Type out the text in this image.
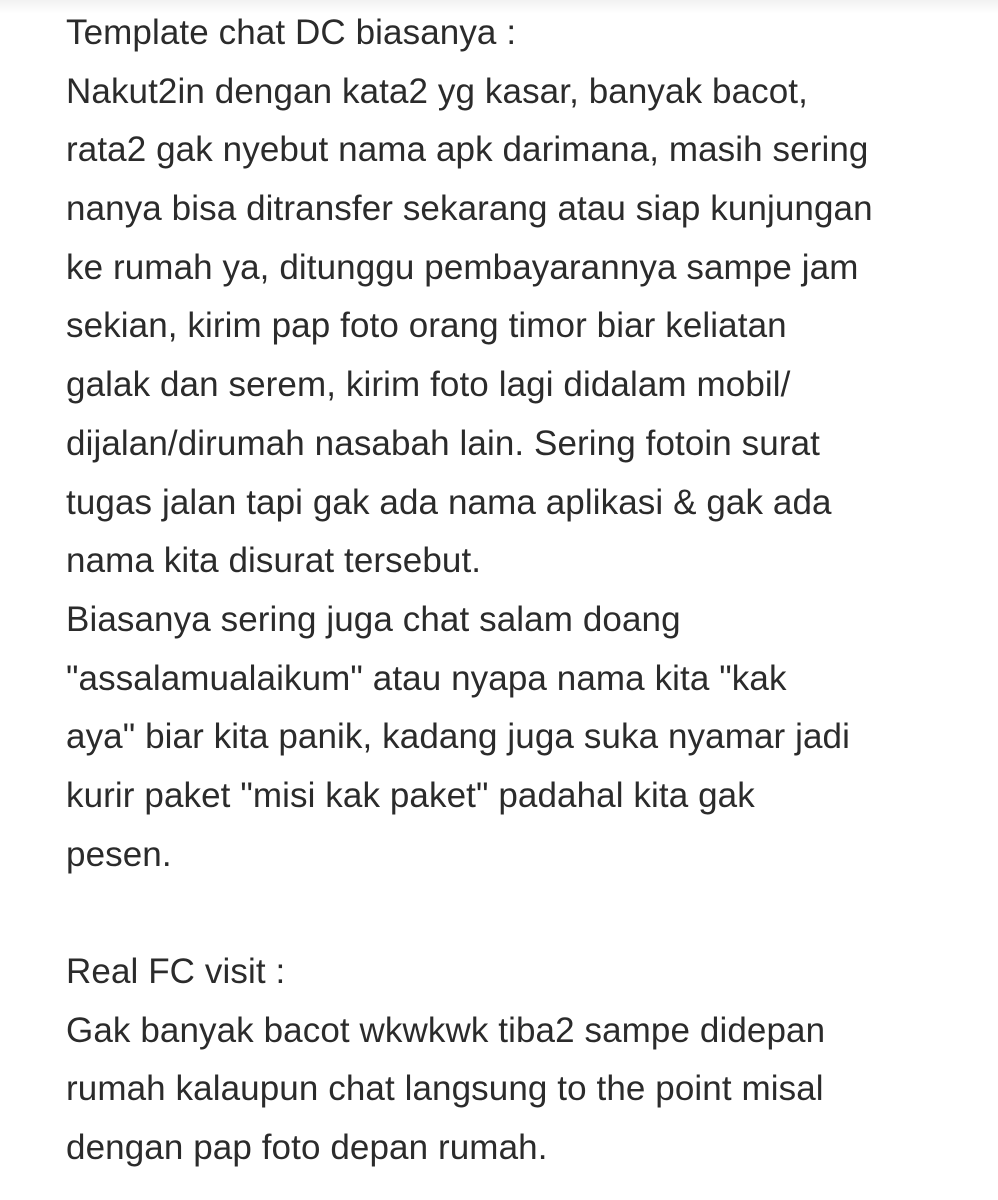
Template chat DC biasanya :
Nakut2in dengan kata2 yg kasar, banyak bacot,
rata2 gak nyebut nama apk darimana, masih sering
nanya bisa ditransfer sekarang atau siap kunjungan
ke rumah ya, ditunggu pembayarannya sampe jam
sekian, kirim pap foto orang timor biar keliatan
galak dan serem, kirim foto lagi didalam mobil/
dijalan/dirumah nasabah lain. Sering fotoin surat
tugas jalan tapi gak ada nama aplikasi & gak ada
nama kita disurat tersebut.
Biasanya sering juga chat salam doang
"assalamualaikum" atau nyapa nama kita "kak
aya" biar kita panik, kadang juga suka nyamar jadi
kurir paket "misi kak paket" padahal kita gak
pesen.
Real FC visit :
Gak banyak bacot wkwkwk tiba2 sampe didepan
rumah kalaupun chat langsung to the point misal
dengan pap foto depan rumah.
